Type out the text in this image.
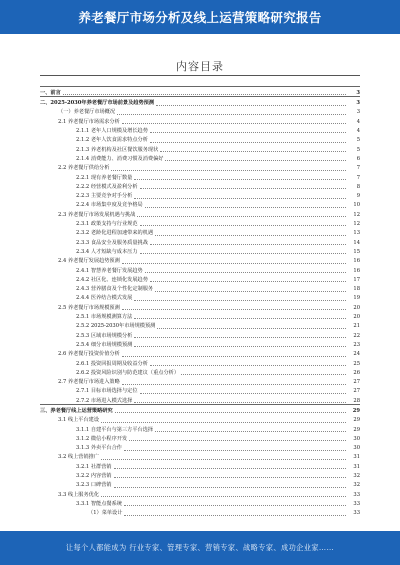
养老餐厅市场分析及线上运营策略研究报告
内容目录
一、前言	3
二、2025-2030年养老餐厅市场前景及趋势预测	3
（一）养老餐厅市场概况	3
2.1 养老餐厅市场需求分析	4
2.1.1 老年人口规模及增长趋势	4
2.1.2 老年人饮食需求特点分析	5
2.1.3 养老机构及社区餐饮服务现状	5
2.1.4 消费能力、消费习惯及消费偏好	6
2.2 养老餐厅供给分析	7
2.2.1 现有养老餐厅数量	7
2.2.2 经营模式及盈利分析	8
2.2.3 主要竞争对手分析	9
2.2.4 市场集中度及竞争格局	10
2.3 养老餐厅市场发展机遇与挑战	12
2.3.1 政策支持与行业规范	12
2.3.2 老龄化进程加速带来的机遇	13
2.3.3 食品安全及服务质量挑战	14
2.3.4 人才短缺与成本压力	15
2.4 养老餐厅发展趋势预测	16
2.4.1 智慧养老餐厅发展趋势	16
2.4.2 社区化、连锁化发展趋势	17
2.4.3 营养膳食及个性化定制服务	18
2.4.4 医养结合模式发展	19
2.5 养老餐厅市场规模预测	20
2.5.1 市场规模测算方法	20
2.5.2 2025-2030年市场规模预测	21
2.5.3 区域市场规模分析	22
2.5.4 细分市场规模预测	23
2.6 养老餐厅投资价值分析	24
2.6.1 投资回报周期及收益分析	25
2.6.2 投资风险识别与防范建议（重点分析）	26
2.7 养老餐厅市场进入策略	27
2.7.1 目标市场选择与定位	27
2.7.2 市场进入模式选择	28
三、养老餐厅线上运营策略研究	29
3.1 线上平台建设	29
3.1.1 自建平台与第三方平台选择	29
3.1.2 微信小程序开发	30
3.1.3 外卖平台合作	30
3.2 线上营销推广	31
3.2.1 社群营销	31
3.2.2 内容营销	32
3.2.3 口碑营销	32
3.3 线上服务优化	33
3.3.1 智能点餐系统	33
（1）菜单设计	33
让每个人都能成为 行业专家、管理专家、营销专家、战略专家、成功企业家……
